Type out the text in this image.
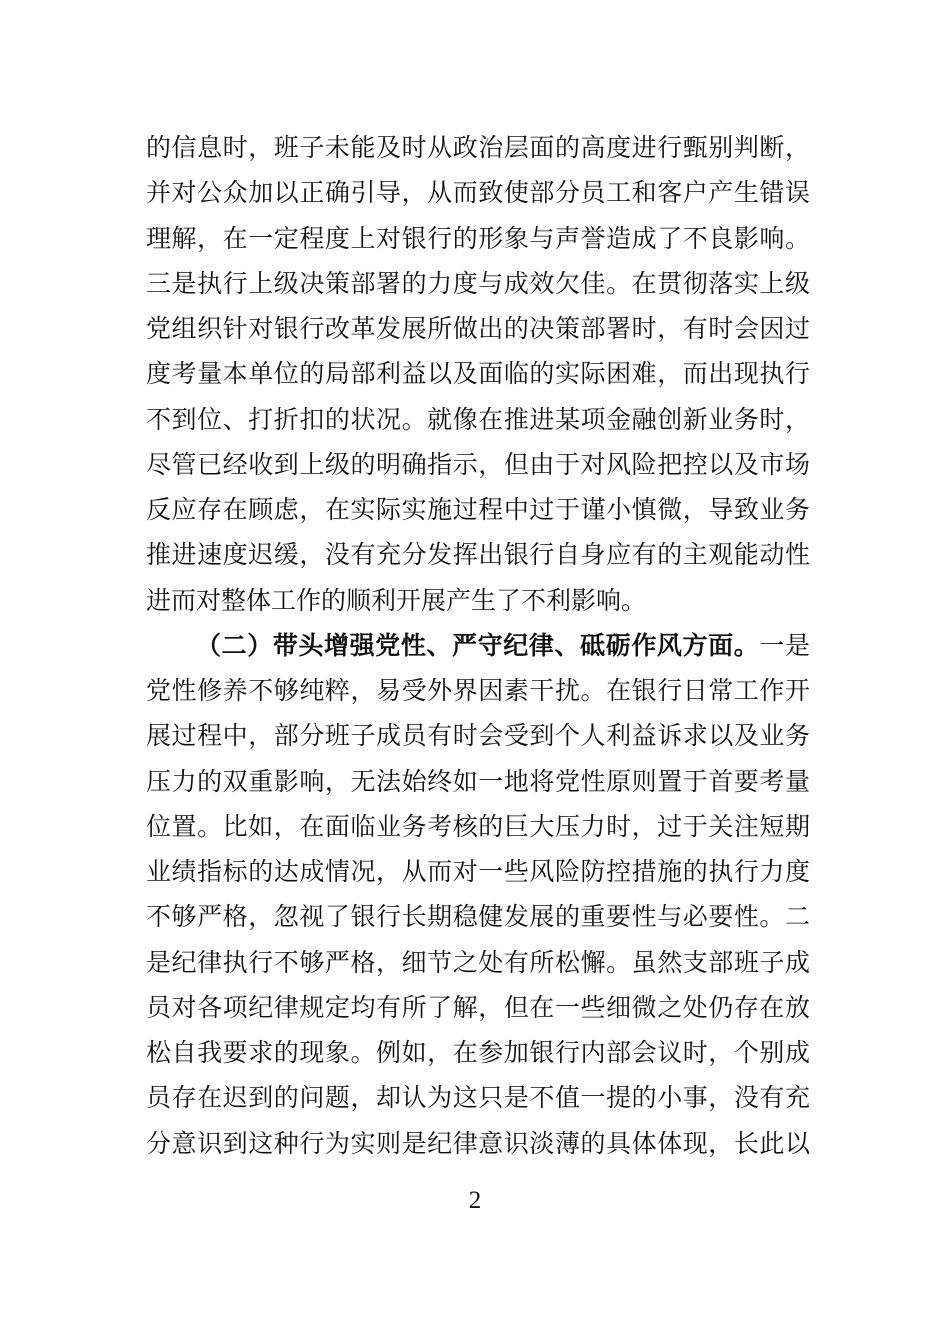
的信息时，班子未能及时从政治层面的高度进行甄别判断，
并对公众加以正确引导，从而致使部分员工和客户产生错误
理解，在一定程度上对银行的形象与声誉造成了不良影响。
三是执行上级决策部署的力度与成效欠佳。在贯彻落实上级
党组织针对银行改革发展所做出的决策部署时，有时会因过
度考量本单位的局部利益以及面临的实际困难，而出现执行
不到位、打折扣的状况。就像在推进某项金融创新业务时，
尽管已经收到上级的明确指示，但由于对风险把控以及市场
反应存在顾虑，在实际实施过程中过于谨小慎微，导致业务
推进速度迟缓，没有充分发挥出银行自身应有的主观能动性
进而对整体工作的顺利开展产生了不利影响。
（二）带头增强党性、严守纪律、砥砺作风方面。一是
党性修养不够纯粹，易受外界因素干扰。在银行日常工作开
展过程中，部分班子成员有时会受到个人利益诉求以及业务
压力的双重影响，无法始终如一地将党性原则置于首要考量
位置。比如，在面临业务考核的巨大压力时，过于关注短期
业绩指标的达成情况，从而对一些风险防控措施的执行力度
不够严格，忽视了银行长期稳健发展的重要性与必要性。二
是纪律执行不够严格，细节之处有所松懈。虽然支部班子成
员对各项纪律规定均有所了解，但在一些细微之处仍存在放
松自我要求的现象。例如，在参加银行内部会议时，个别成
员存在迟到的问题，却认为这只是不值一提的小事，没有充
分意识到这种行为实则是纪律意识淡薄的具体体现，长此以
2
